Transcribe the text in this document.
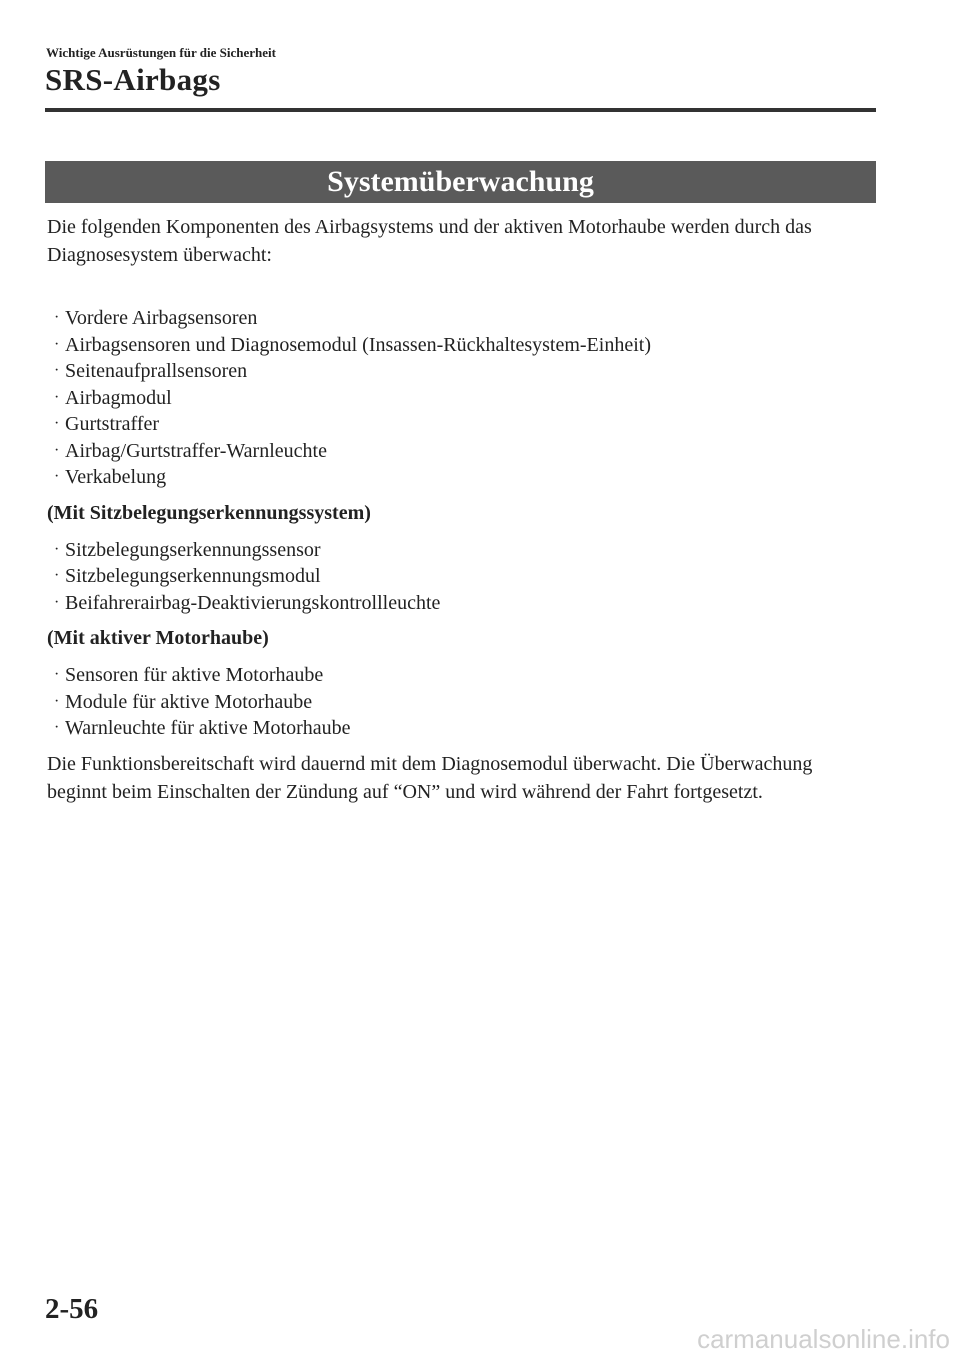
Wichtige Ausrüstungen für die Sicherheit
SRS-Airbags
Systemüberwachung

Die folgenden Komponenten des Airbagsystems und der aktiven Motorhaube werden durch das Diagnosesystem überwacht:

· Vordere Airbagsensoren
· Airbagsensoren und Diagnosemodul (Insassen-Rückhaltesystem-Einheit)
· Seitenaufprallsensoren
· Airbagmodul
· Gurtstraffer
· Airbag/Gurtstraffer-Warnleuchte
· Verkabelung

(Mit Sitzbelegungserkennungssystem)

· Sitzbelegungserkennungssensor
· Sitzbelegungserkennungsmodul
· Beifahrerairbag-Deaktivierungskontrollleuchte

(Mit aktiver Motorhaube)

· Sensoren für aktive Motorhaube
· Module für aktive Motorhaube
· Warnleuchte für aktive Motorhaube

Die Funktionsbereitschaft wird dauernd mit dem Diagnosemodul überwacht. Die Überwachung beginnt beim Einschalten der Zündung auf “ON” und wird während der Fahrt fortgesetzt.

2-56
carmanualsonline.info
